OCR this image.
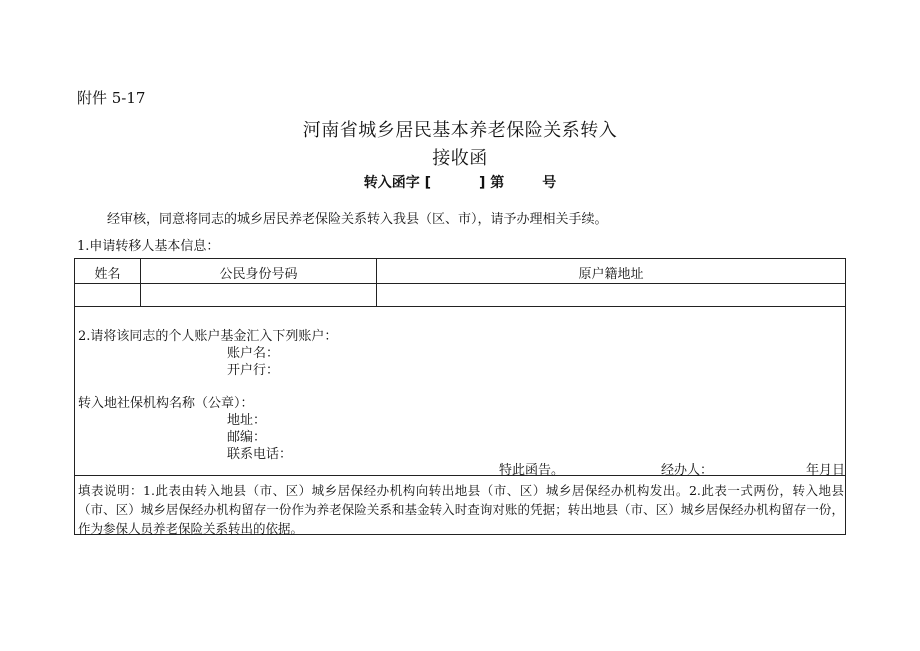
附件 5-17
河南省城乡居民基本养老保险关系转入
接收函
转入函字 [	] 第	号
经审核，同意将同志的城乡居民养老保险关系转入我县（区、市），请予办理相关手续。
1.申请转移人基本信息：
姓名	公民身份号码	原户籍地址
2.请将该同志的个人账户基金汇入下列账户：
账户名：
开户行：
转入地社保机构名称（公章）：
地址：
邮编：
联系电话：
特此函告。	经办人：	年月日
填表说明：1.此表由转入地县（市、区）城乡居保经办机构向转出地县（市、区）城乡居保经办机构发出。2.此表一式两份，转入地县（市、区）城乡居保经办机构留存一份作为养老保险关系和基金转入时查询对账的凭据；转出地县（市、区）城乡居保经办机构留存一份，作为参保人员养老保险关系转出的依据。
